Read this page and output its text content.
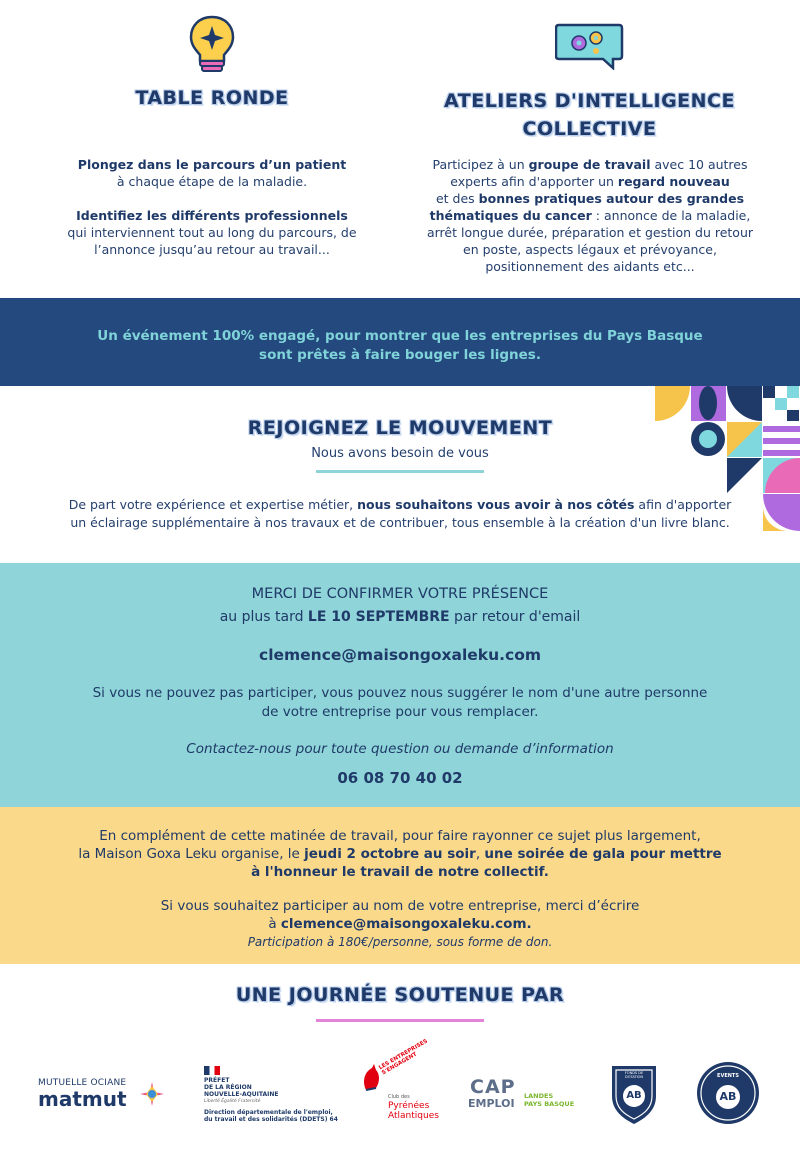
TABLE RONDE

Plongez dans le parcours d’un patient

à chaque étape de la maladie.

Identifiez les différents professionnels

qui interviennent tout au long du parcours, de

l’annonce jusqu’au retour au travail...

ATELIERS D'INTELLIGENCE
COLLECTIVE

Participez à un groupe de travail avec 10 autres

experts afin d'apporter un regard nouveau

et des bonnes pratiques autour des grandes

thématiques du cancer : annonce de la maladie,

arrêt longue durée, préparation et gestion du retour

en poste, aspects légaux et prévoyance,

positionnement des aidants etc...

Un événement 100% engagé, pour montrer que les entreprises du Pays Basque
sont prêtes à faire bouger les lignes.
REJOIGNEZ LE MOUVEMENT
Nous avons besoin de vous
De part votre expérience et expertise métier, nous souhaitons vous avoir à nos côtés afin d'apporter
un éclairage supplémentaire à nos travaux et de contribuer, tous ensemble à la création d'un livre blanc.
MERCI DE CONFIRMER VOTRE PRÉSENCE
au plus tard LE 10 SEPTEMBRE par retour d'email
clemence@maisongoxaleku.com
Si vous ne pouvez pas participer, vous pouvez nous suggérer le nom d'une autre personne
de votre entreprise pour vous remplacer.
Contactez-nous pour toute question ou demande d’information
06 08 70 40 02
En complément de cette matinée de travail, pour faire rayonner ce sujet plus largement,
la Maison Goxa Leku organise, le jeudi 2 octobre au soir, une soirée de gala pour mettre
à l'honneur le travail de notre collectif.
Si vous souhaitez participer au nom de votre entreprise, merci d’écrire
à clemence@maisongoxaleku.com.
Participation à 180€/personne, sous forme de don.
UNE JOURNÉE SOUTENUE PAR
MUTUELLE OCIANE
matmut
PRÉFET
DE LA RÉGION
NOUVELLE-AQUITAINE
Liberté Égalité Fraternité
Direction départementale de l'emploi,
du travail et des solidarités (DDETS) 64
LES ENTREPRISES S'ENGAGENT
Club des
Pyrénées
Atlantiques
CAP
EMPLOI
LANDES
PAYS BASQUE
FONDS DE DOTATION
AB
EVENTS
AB
